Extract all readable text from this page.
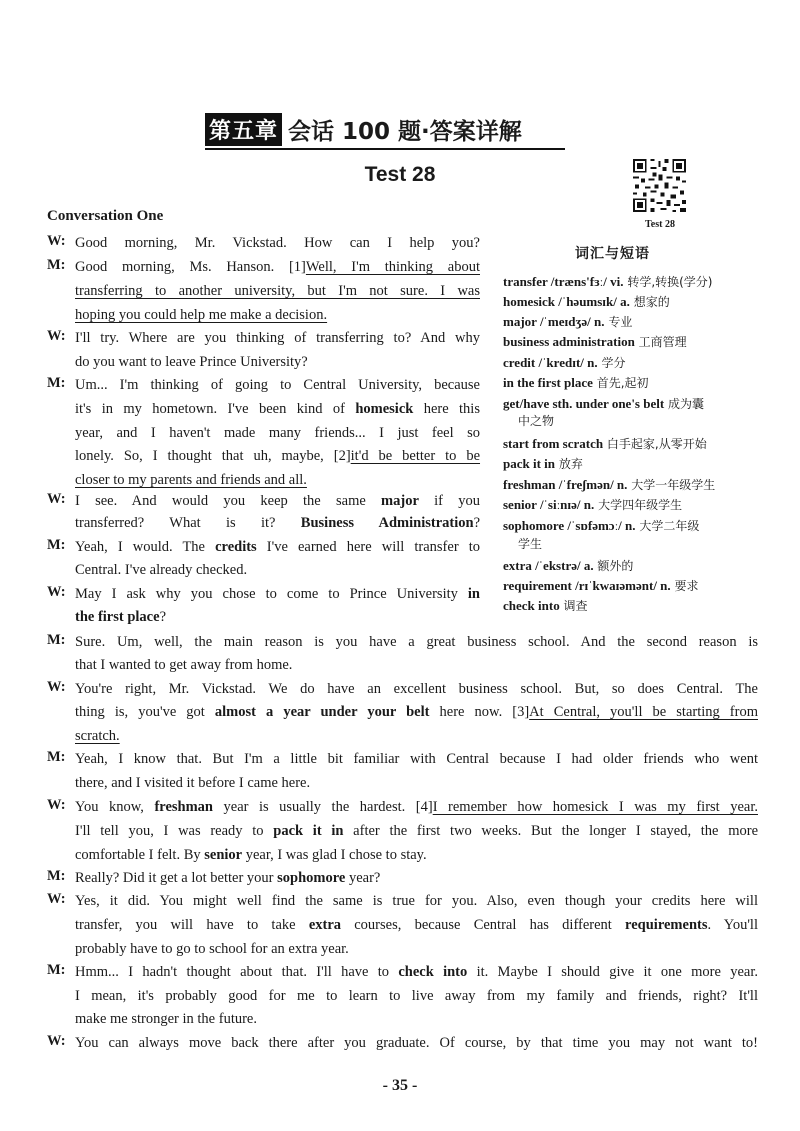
第五章 会话 100 题·答案详解
Test 28
Test 28
Conversation One
词汇与短语
transfer /træns'fɜː/ vi. 转学,转换(学分)
homesick /ˈhəumsɪk/ a. 想家的
major /ˈmeɪdʒə/ n. 专业
business administration 工商管理
credit /ˈkredɪt/ n. 学分
in the first place 首先,起初
get/have sth. under one's belt 成为囊
中之物
start from scratch 白手起家,从零开始
pack it in 放弃
freshman /ˈfreʃmən/ n. 大学一年级学生
senior /ˈsiːnɪə/ n. 大学四年级学生
sophomore /ˈsɒfəmɔː/ n. 大学二年级
学生
extra /ˈekstrə/ a. 额外的
requirement /rɪˈkwaɪəmənt/ n. 要求
check into 调查
W: Good morning, Mr. Vickstad. How can I help you?
M: Good morning, Ms. Hanson. [1]Well, I'm thinking about
transferring to another university, but I'm not sure. I was
hoping you could help me make a decision.
W: I'll try. Where are you thinking of transferring to? And why
do you want to leave Prince University?
M: Um... I'm thinking of going to Central University, because
it's in my hometown. I've been kind of homesick here this
year, and I haven't made many friends... I just feel so
lonely. So, I thought that uh, maybe, [2]it'd be better to be
closer to my parents and friends and all.
W: I see. And would you keep the same major if you
transferred? What is it? Business Administration?
M: Yeah, I would. The credits I've earned here will transfer to
Central. I've already checked.
W: May I ask why you chose to come to Prince University in
the first place?
M: Sure. Um, well, the main reason is you have a great business school. And the second reason is
that I wanted to get away from home.
W: You're right, Mr. Vickstad. We do have an excellent business school. But, so does Central. The
thing is, you've got almost a year under your belt here now. [3]At Central, you'll be starting from
scratch.
M: Yeah, I know that. But I'm a little bit familiar with Central because I had older friends who went
there, and I visited it before I came here.
W: You know, freshman year is usually the hardest. [4]I remember how homesick I was my first year.
I'll tell you, I was ready to pack it in after the first two weeks. But the longer I stayed, the more
comfortable I felt. By senior year, I was glad I chose to stay.
M: Really? Did it get a lot better your sophomore year?
W: Yes, it did. You might well find the same is true for you. Also, even though your credits here will
transfer, you will have to take extra courses, because Central has different requirements. You'll
probably have to go to school for an extra year.
M: Hmm... I hadn't thought about that. I'll have to check into it. Maybe I should give it one more year.
I mean, it's probably good for me to learn to live away from my family and friends, right? It'll
make me stronger in the future.
W: You can always move back there after you graduate. Of course, by that time you may not want to!
- 35 -
